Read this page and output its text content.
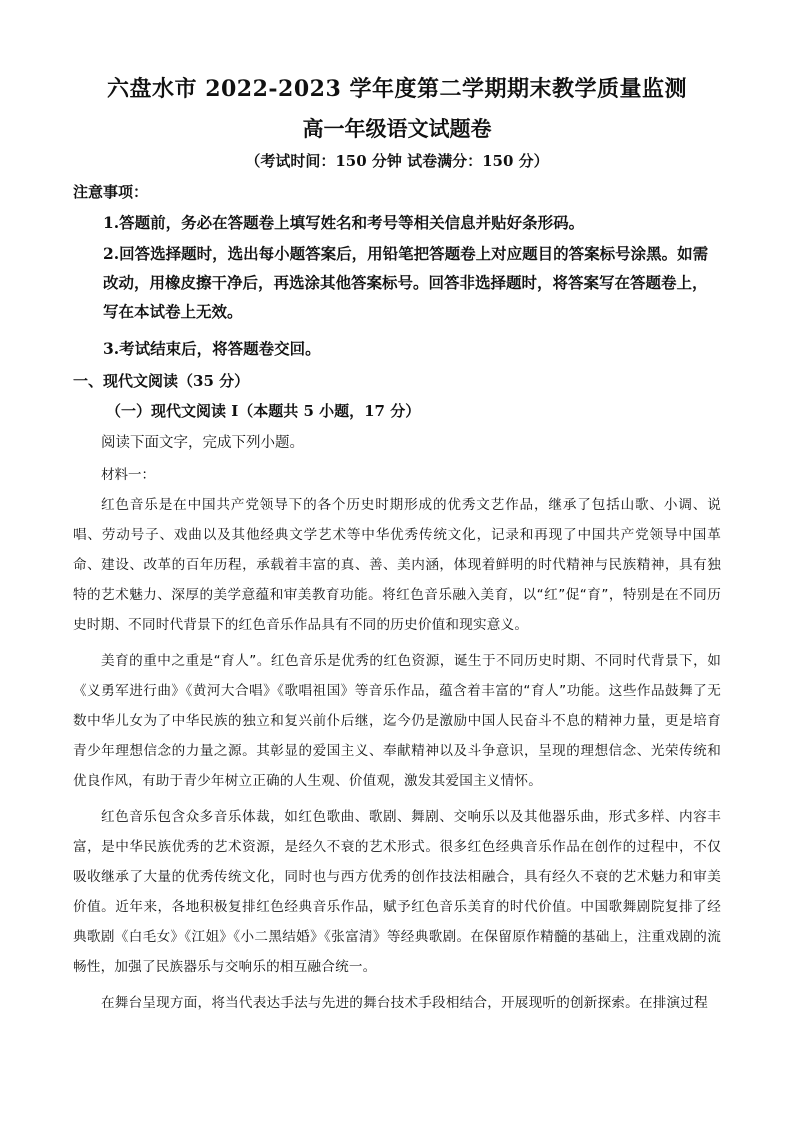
六盘水市 2022-2023 学年度第二学期期末教学质量监测
高一年级语文试题卷
（考试时间：150 分钟 试卷满分：150 分）
注意事项：
1.答题前，务必在答题卷上填写姓名和考号等相关信息并贴好条形码。
2.回答选择题时，选出每小题答案后，用铅笔把答题卷上对应题目的答案标号涂黑。如需改动，用橡皮擦干净后，再选涂其他答案标号。回答非选择题时，将答案写在答题卷上，写在本试卷上无效。
3.考试结束后，将答题卷交回。
一、现代文阅读（35 分）
（一）现代文阅读 I（本题共 5 小题，17 分）
阅读下面文字，完成下列小题。
材料一：
红色音乐是在中国共产党领导下的各个历史时期形成的优秀文艺作品，继承了包括山歌、小调、说唱、劳动号子、戏曲以及其他经典文学艺术等中华优秀传统文化，记录和再现了中国共产党领导中国革命、建设、改革的百年历程，承载着丰富的真、善、美内涵，体现着鲜明的时代精神与民族精神，具有独特的艺术魅力、深厚的美学意蕴和审美教育功能。将红色音乐融入美育，以“红”促“育”，特别是在不同历史时期、不同时代背景下的红色音乐作品具有不同的历史价值和现实意义。
美育的重中之重是“育人”。红色音乐是优秀的红色资源，诞生于不同历史时期、不同时代背景下，如《义勇军进行曲》《黄河大合唱》《歌唱祖国》等音乐作品，蕴含着丰富的“育人”功能。这些作品鼓舞了无数中华儿女为了中华民族的独立和复兴前仆后继，迄今仍是激励中国人民奋斗不息的精神力量，更是培育青少年理想信念的力量之源。其彰显的爱国主义、奉献精神以及斗争意识，呈现的理想信念、光荣传统和优良作风，有助于青少年树立正确的人生观、价值观，激发其爱国主义情怀。
红色音乐包含众多音乐体裁，如红色歌曲、歌剧、舞剧、交响乐以及其他器乐曲，形式多样、内容丰富，是中华民族优秀的艺术资源，是经久不衰的艺术形式。很多红色经典音乐作品在创作的过程中，不仅吸收继承了大量的优秀传统文化，同时也与西方优秀的创作技法相融合，具有经久不衰的艺术魅力和审美价值。近年来，各地积极复排红色经典音乐作品，赋予红色音乐美育的时代价值。中国歌舞剧院复排了经典歌剧《白毛女》《江姐》《小二黑结婚》《张富清》等经典歌剧。在保留原作精髓的基础上，注重戏剧的流畅性，加强了民族器乐与交响乐的相互融合统一。
在舞台呈现方面，将当代表达手法与先进的舞台技术手段相结合，开展现听的创新探索。在排演过程
